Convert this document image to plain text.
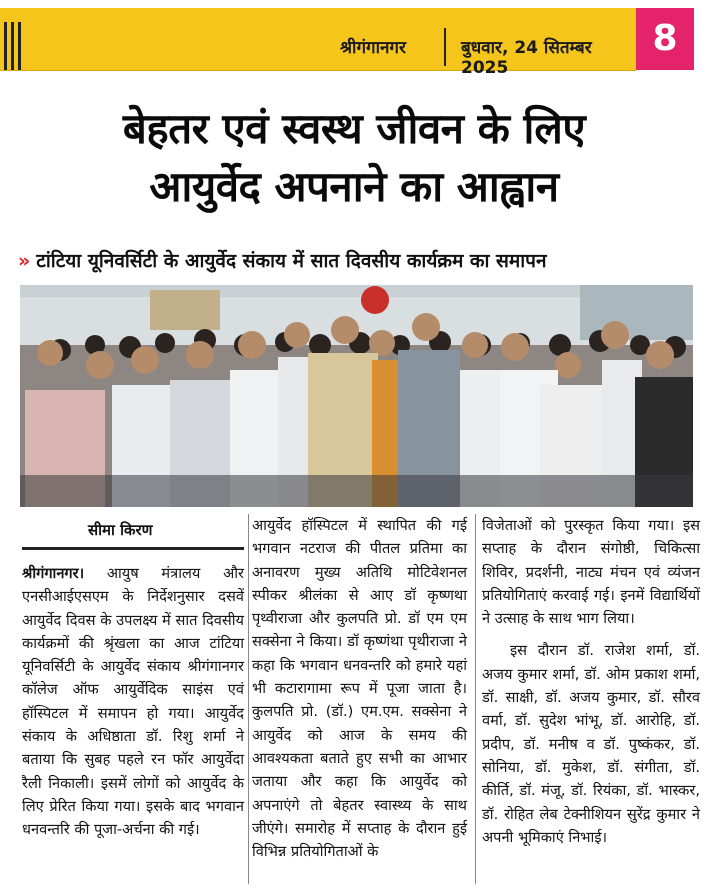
श्रीगंगानगर	बुधवार, 24 सितम्बर 2025
8
बेहतर एवं स्वस्थ जीवन के लिए
आयुर्वेद अपनाने का आह्वान
» टांटिया यूनिवर्सिटी के आयुर्वेद संकाय में सात दिवसीय कार्यक्रम का समापन
सीमा किरण
श्रीगंगानगर। आयुष मंत्रालय और एनसीआईएसएम के निर्देशनुसार दसवें आयुर्वेद दिवस के उपलक्ष्य में सात दिवसीय कार्यक्रमों की श्रृंखला का आज टांटिया यूनिवर्सिटी के आयुर्वेद संकाय श्रीगंगानगर कॉलेज ऑफ आयुर्वेदिक साइंस एवं हॉस्पिटल में समापन हो गया। आयुर्वेद संकाय के अधिष्ठाता डॉ. रिशु शर्मा ने बताया कि सुबह पहले रन फॉर आयुर्वेदा रैली निकाली। इसमें लोगों को आयुर्वेद के लिए प्रेरित किया गया। इसके बाद भगवान धनवन्तरि की पूजा-अर्चना की गई।
आयुर्वेद हॉस्पिटल में स्थापित की गई भगवान नटराज की पीतल प्रतिमा का अनावरण मुख्य अतिथि मोटिवेशनल स्पीकर श्रीलंका से आए डॉ कृष्णथा पृथ्वीराजा और कुलपति प्रो. डॉ एम एम सक्सेना ने किया। डॉ कृष्णंथा पृथीराजा ने कहा कि भगवान धनवन्तरि को हमारे यहां भी कटारागामा रूप में पूजा जाता है। कुलपति प्रो. (डॉ.) एम.एम. सक्सेना ने आयुर्वेद को आज के समय की आवश्यकता बताते हुए सभी का आभार जताया और कहा कि आयुर्वेद को अपनाएंगे तो बेहतर स्वास्थ्य के साथ जीएंगे। समारोह में सप्ताह के दौरान हुई विभिन्न प्रतियोगिताओं के
विजेताओं को पुरस्कृत किया गया। इस सप्ताह के दौरान संगोष्ठी, चिकित्सा शिविर, प्रदर्शनी, नाट्य मंचन एवं व्यंजन प्रतियोगिताएं करवाई गई। इनमें विद्यार्थियों ने उत्साह के साथ भाग लिया।
इस दौरान डॉ. राजेश शर्मा, डॉ. अजय कुमार शर्मा, डॉ. ओम प्रकाश शर्मा, डॉ. साक्षी, डॉ. अजय कुमार, डॉ. सौरव वर्मा, डॉ. सुदेश भांभू, डॉ. आरोहि, डॉ. प्रदीप, डॉ. मनीष व डॉ. पुष्कंकर, डॉ. सोनिया, डॉ. मुकेश, डॉ. संगीता, डॉ. कीर्ति, डॉ. मंजू, डॉ. रियंका, डॉ. भास्कर, डॉ. रोहित लेब टेक्नीशियन सुरेंद्र कुमार ने अपनी भूमिकाएं निभाई।
